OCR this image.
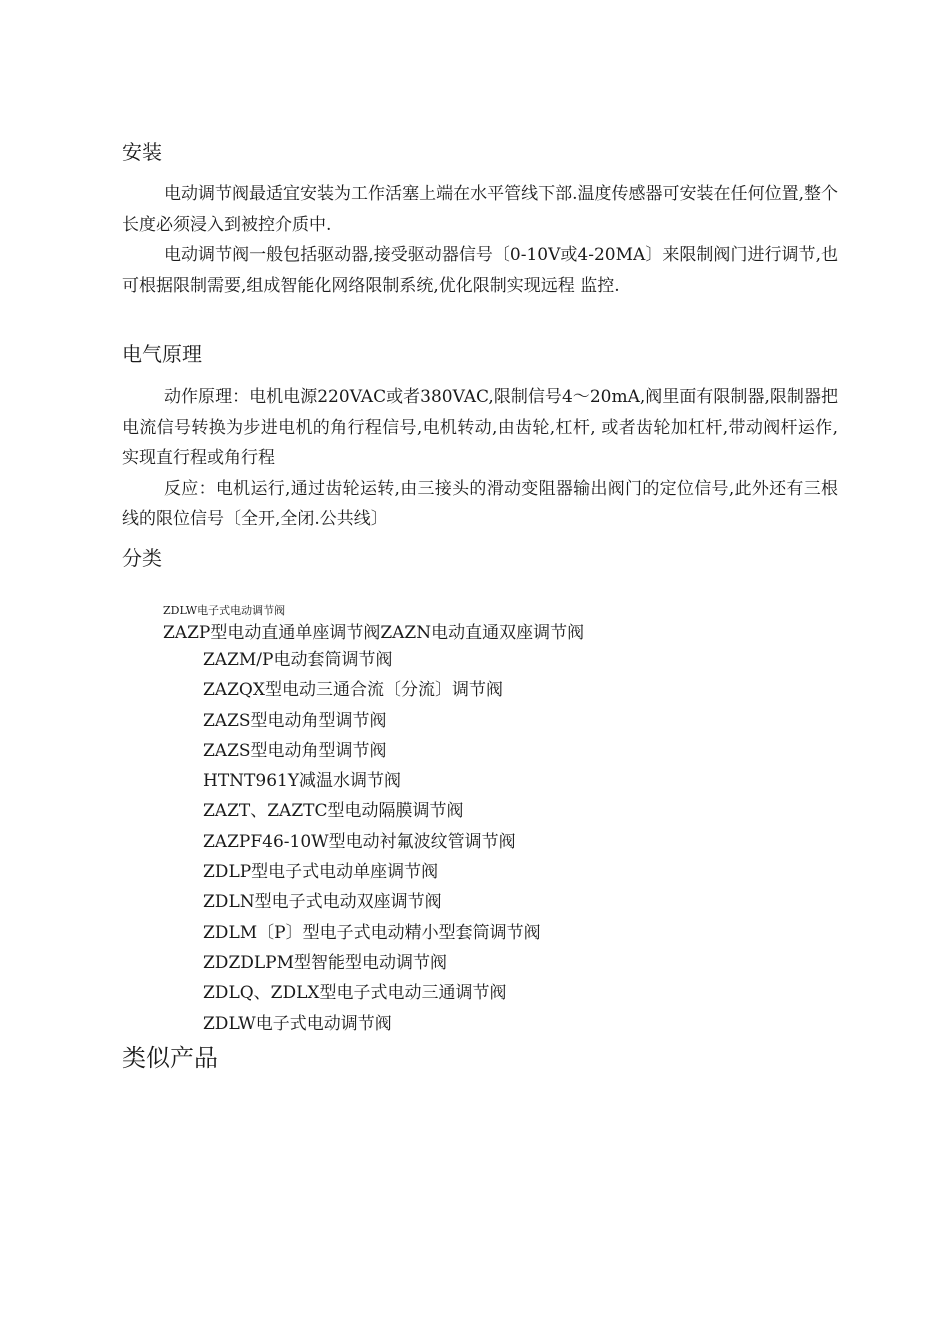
安装

电动调节阀最适宜安装为工作活塞上端在水平管线下部.温度传感器可安装在任何位置,整个长度必须浸入到被控介质中.

电动调节阀一般包括驱动器,接受驱动器信号〔0-10V或4-20MA〕来限制阀门进行调节,也可根据限制需要,组成智能化网络限制系统,优化限制实现远程 监控.

电气原理

动作原理：电机电源220VAC或者380VAC,限制信号4〜20mA,阀里面有限制器,限制器把电流信号转换为步进电机的角行程信号,电机转动,由齿轮,杠杆, 或者齿轮加杠杆,带动阀杆运作,实现直行程或角行程

反应：电机运行,通过齿轮运转,由三接头的滑动变阻器输出阀门的定位信号,此外还有三根线的限位信号〔全开,全闭.公共线〕

分类
ZDLW电子式电动调节阀
ZAZP型电动直通单座调节阀ZAZN电动直通双座调节阀
ZAZM/P电动套筒调节阀
ZAZQX型电动三通合流〔分流〕调节阀
ZAZS型电动角型调节阀
ZAZS型电动角型调节阀
HTNT961Y减温水调节阀
ZAZT、ZAZTC型电动隔膜调节阀
ZAZPF46-10W型电动衬氟波纹管调节阀
ZDLP型电子式电动单座调节阀
ZDLN型电子式电动双座调节阀
ZDLM〔P〕型电子式电动精小型套筒调节阀
ZDZDLPM型智能型电动调节阀
ZDLQ、ZDLX型电子式电动三通调节阀
ZDLW电子式电动调节阀
类似产品
